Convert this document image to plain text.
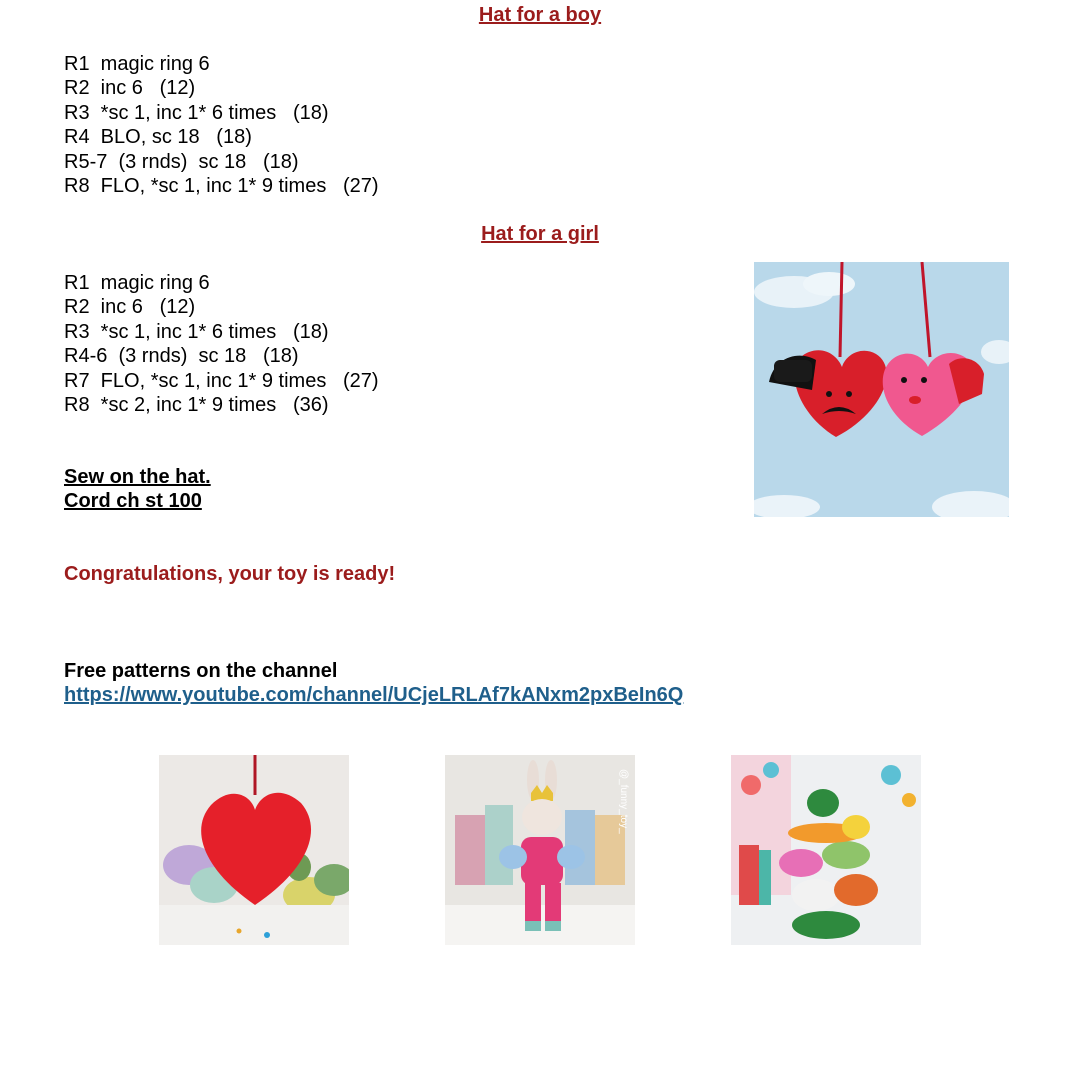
Hat for a boy
R1  magic ring 6
R2  inc 6   (12)
R3  *sc 1, inc 1* 6 times   (18)
R4  BLO, sc 18   (18)
R5-7  (3 rnds)  sc 18   (18)
R8  FLO, *sc 1, inc 1* 9 times   (27)
Hat for a girl
R1  magic ring 6
R2  inc 6   (12)
R3  *sc 1, inc 1* 6 times   (18)
R4-6  (3 rnds)  sc 18   (18)
R7  FLO, *sc 1, inc 1* 9 times   (27)
R8  *sc 2, inc 1* 9 times   (36)
Sew on the hat.
Cord ch st 100
Congratulations, your toy is ready!
Free patterns on the channel
https://www.youtube.com/channel/UCjeLRLAf7kANxm2pxBeIn6Q
@_funny_toy_
